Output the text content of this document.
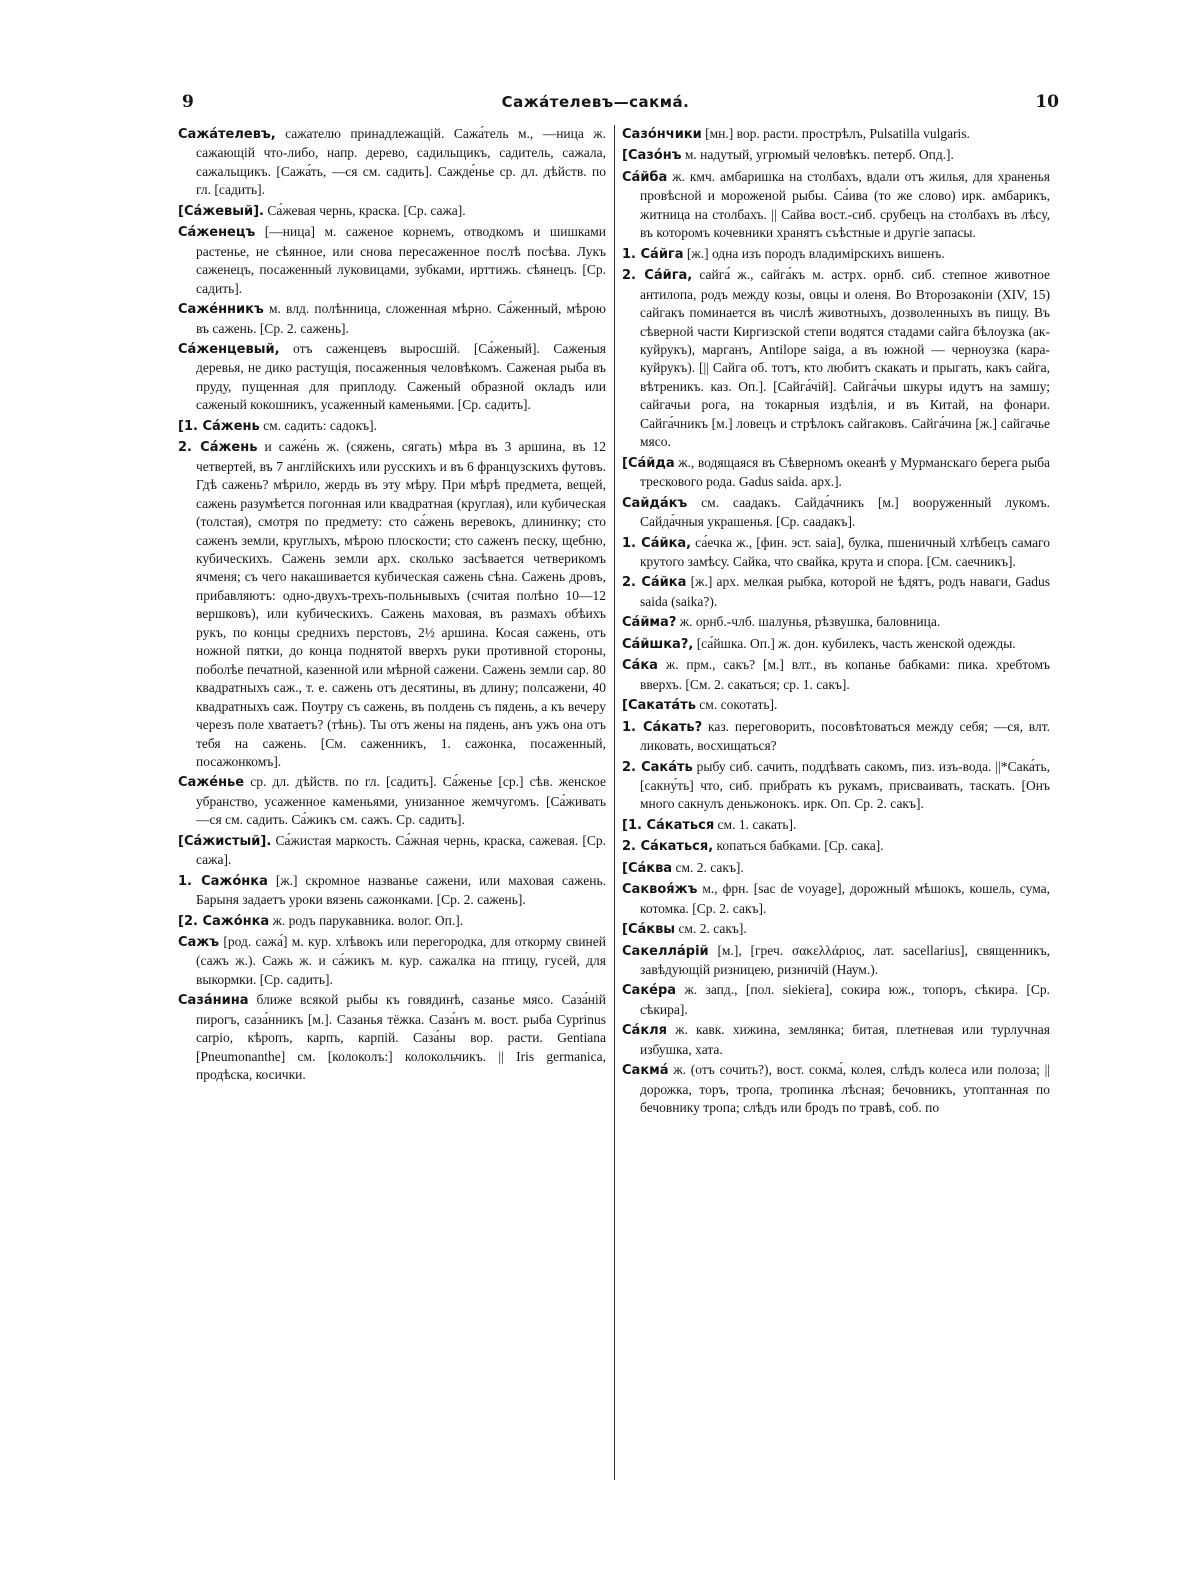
9	Сажа́телевъ—сакма́.	10

Сажа́телевъ, сажателю принадлежащій. Сажа́тель м., —ница ж. сажающій что-либо, напр. дерево, садильщикъ, садитель, сажала, сажальщикъ. [Сажа́ть, —ся см. садить]. Сажде́нье ср. дл. дѣйств. по гл. [садить].

[Са́жевый]. Са́жевая чернь, краска. [Ср. сажа].

Са́женецъ [—ница] м. саженое корнемъ, отводкомъ и шишками растенье, не сѣянное, или снова пересаженное послѣ посѣва. Лукъ саженецъ, посаженный луковицами, зубками, ирттижь. сѣянецъ. [Ср. садить].

Саже́нникъ м. влд. полѣнница, сложенная мѣрно. Са́женный, мѣрою въ сажень. [Ср. 2. сажень].

Са́женцевый, отъ саженцевъ выросшій. [Са́женый]. Саженыя деревья, не дико растущія, посаженныя человѣкомъ. Саженая рыба въ пруду, пущенная для приплоду. Саженый образной окладъ или саженый кокошникъ, усаженный каменьями. [Ср. садить].

[1. Са́жень см. садить: садокъ].

2. Са́жень и саже́нь ж. (сяжень, сягать) мѣра въ 3 аршина, въ 12 четвертей, въ 7 англійскихъ или русскихъ и въ 6 французскихъ футовъ. Гдѣ сажень? мѣрило, жердь въ эту мѣру. При мѣрѣ предмета, вещей, сажень разумѣется погонная или квадратная (круглая), или кубическая (толстая), смотря по предмету: сто са́жень веревокъ, длининку; сто саженъ земли, круглыхъ, мѣрою плоскости; сто саженъ песку, щебню, кубическихъ. Сажень земли арх. сколько засѣвается четверикомъ ячменя; съ чего накашивается кубическая сажень сѣна. Сажень дровъ, прибавляютъ: одно-двухъ-трехъ-польнывыхъ (считая полѣно 10—12 вершковъ), или кубическихъ. Сажень маховая, въ размахъ обѣихъ рукъ, по концы среднихъ перстовъ, 2½ аршина. Косая сажень, отъ ножной пятки, до конца поднятой вверхъ руки противной стороны, поболѣе печатной, казенной или мѣрной сажени. Сажень земли сар. 80 квадратныхъ саж., т. е. сажень отъ десятины, въ длину; полсажени, 40 квадратныхъ саж. Поутру съ сажень, въ полдень съ пядень, а къ вечеру черезъ поле хватаетъ? (тѣнь). Ты отъ жены на пядень, анъ ужъ она отъ тебя на сажень. [См. саженникъ, 1. сажонка, посаженный, посажонкомъ].

Саже́нье ср. дл. дѣйств. по гл. [садить]. Са́женье [ср.] сѣв. женское убранство, усаженное каменьями, унизанное жемчугомъ. [Са́живать —ся см. садить. Са́жикъ см. сажъ. Ср. садить].

[Са́жистый]. Са́жистая маркость. Са́жная чернь, краска, сажевая. [Ср. сажа].

1. Сажо́нка [ж.] скромное названье сажени, или маховая сажень. Барыня задаетъ уроки вязень сажонками. [Ср. 2. сажень].

[2. Сажо́нка ж. родъ парукавника. волог. Оп.].

Сажъ [род. сажа́] м. кур. хлѣвокъ или перегородка, для откорму свиней (сажъ ж.). Сажь ж. и са́жикъ м. кур. сажалка на птицу, гусей, для выкормки. [Ср. садить].

Саза́нина ближе всякой рыбы къ говядинѣ, сазанье мясо. Саза́ній пирогъ, саза́нникъ [м.]. Сазанья тёжка. Саза́нъ м. вост. рыба Cyprinus carpio, кѣропъ, карпъ, карпій. Саза́ны вор. расти. Gentiana [Pneumonanthe] см. [колоколъ:] колокольчикъ. || Iris germanica, продѣска, косички.

Сазо́нчики [мн.] вор. расти. прострѣлъ, Pulsatilla vulgaris.

[Сазо́нъ м. надутый, угрюмый человѣкъ. петерб. Опд.].

Са́йба ж. кмч. амбаришка на столбахъ, вдали отъ жилья, для храненья провѣсной и мороженой рыбы. Са́ива (то же слово) ирк. амбарикъ, житница на столбахъ. || Сайва вост.-сиб. срубецъ на столбахъ въ лѣсу, въ которомъ кочевники хранятъ съѣстные и другіе запасы.

1. Са́йга [ж.] одна изъ породъ владимірскихъ вишенъ.

2. Са́йга, сайга́ ж., сайга́къ м. астрх. орнб. сиб. степное животное антилопа, родъ между козы, овцы и оленя. Во Второзаконіи (XIV, 15) сайгакъ поминается въ числѣ животныхъ, дозволенныхъ въ пищу. Въ сѣверной части Киргизской степи водятся стадами сайга бѣлоузка (ак-куйрукъ), марганъ, Antilope saiga, а въ южной — черноузка (кара-куйрукъ). [|| Сайга об. тотъ, кто любитъ скакать и прыгать, какъ сайга, вѣтреникъ. каз. Оп.]. [Сайга́чій]. Сайга́чьи шкуры идутъ на замшу; сайгачьи рога, на токарныя издѣлія, и въ Китай, на фонари. Сайга́чникъ [м.] ловецъ и стрѣлокъ сайгаковъ. Сайга́чина [ж.] сайгачье мясо.

[Са́йда ж., водящаяся въ Сѣверномъ океанѣ у Мурманскаго берега рыба трескового рода. Gadus saida. арх.].

Сайда́къ см. саадакъ. Сайда́чникъ [м.] вооруженный лукомъ. Сайда́чныя украшенья. [Ср. саадакъ].

1. Са́йка, са́ечка ж., [фин. эст. saia], булка, пшеничный хлѣбецъ самаго крутого замѣсу. Сайка, что свайка, крута и спора. [См. саечникъ].

2. Са́йка [ж.] арх. мелкая рыбка, которой не ѣдятъ, родъ наваги, Gadus saida (saika?).

Са́йма? ж. орнб.-члб. шалунья, рѣзвушка, баловница.

Са́йшка?, [са́йшка. Оп.] ж. дон. кубилекъ, часть женской одежды.

Са́ка ж. прм., сакъ? [м.] влт., въ копанье бабками: пика. хребтомъ вверхъ. [См. 2. сакаться; ср. 1. сакъ].

[Саката́ть см. сокотать].

1. Са́кать? каз. переговорить, посовѣтоваться между себя; —ся, влт. ликовать, восхищаться?

2. Сака́ть рыбу сиб. сачить, поддѣвать сакомъ, пиз. изъ-вода. ||*Сака́ть, [сакну́ть] что, сиб. прибрать къ рукамъ, присваивать, таскать. [Онъ много сакнулъ деньжонокъ. ирк. Оп. Ср. 2. сакъ].

[1. Са́каться см. 1. сакать].

2. Са́каться, копаться бабками. [Ср. сака].

[Са́ква см. 2. сакъ].

Саквоя́жъ м., фрн. [sac de voyage], дорожный мѣшокъ, кошель, сума, котомка. [Ср. 2. сакъ].

[Са́квы см. 2. сакъ].

Сакелла́рій [м.], [греч. σακελλάριος, лат. sacellarius], священникъ, завѣдующій ризницею, ризничій (Наум.).

Саке́ра ж. запд., [пол. siekiera], сокира юж., топоръ, сѣкира. [Ср. сѣкира].

Са́кля ж. кавк. хижина, землянка; битая, плетневая или турлучная избушка, хата.

Сакма́ ж. (отъ сочить?), вост. сокма́, колея, слѣдъ колеса или полоза; || дорожка, торъ, тропа, тропинка лѣсная; бечовникъ, утоптанная по бечовнику тропа; слѣдъ или бродъ по травѣ, соб. по
